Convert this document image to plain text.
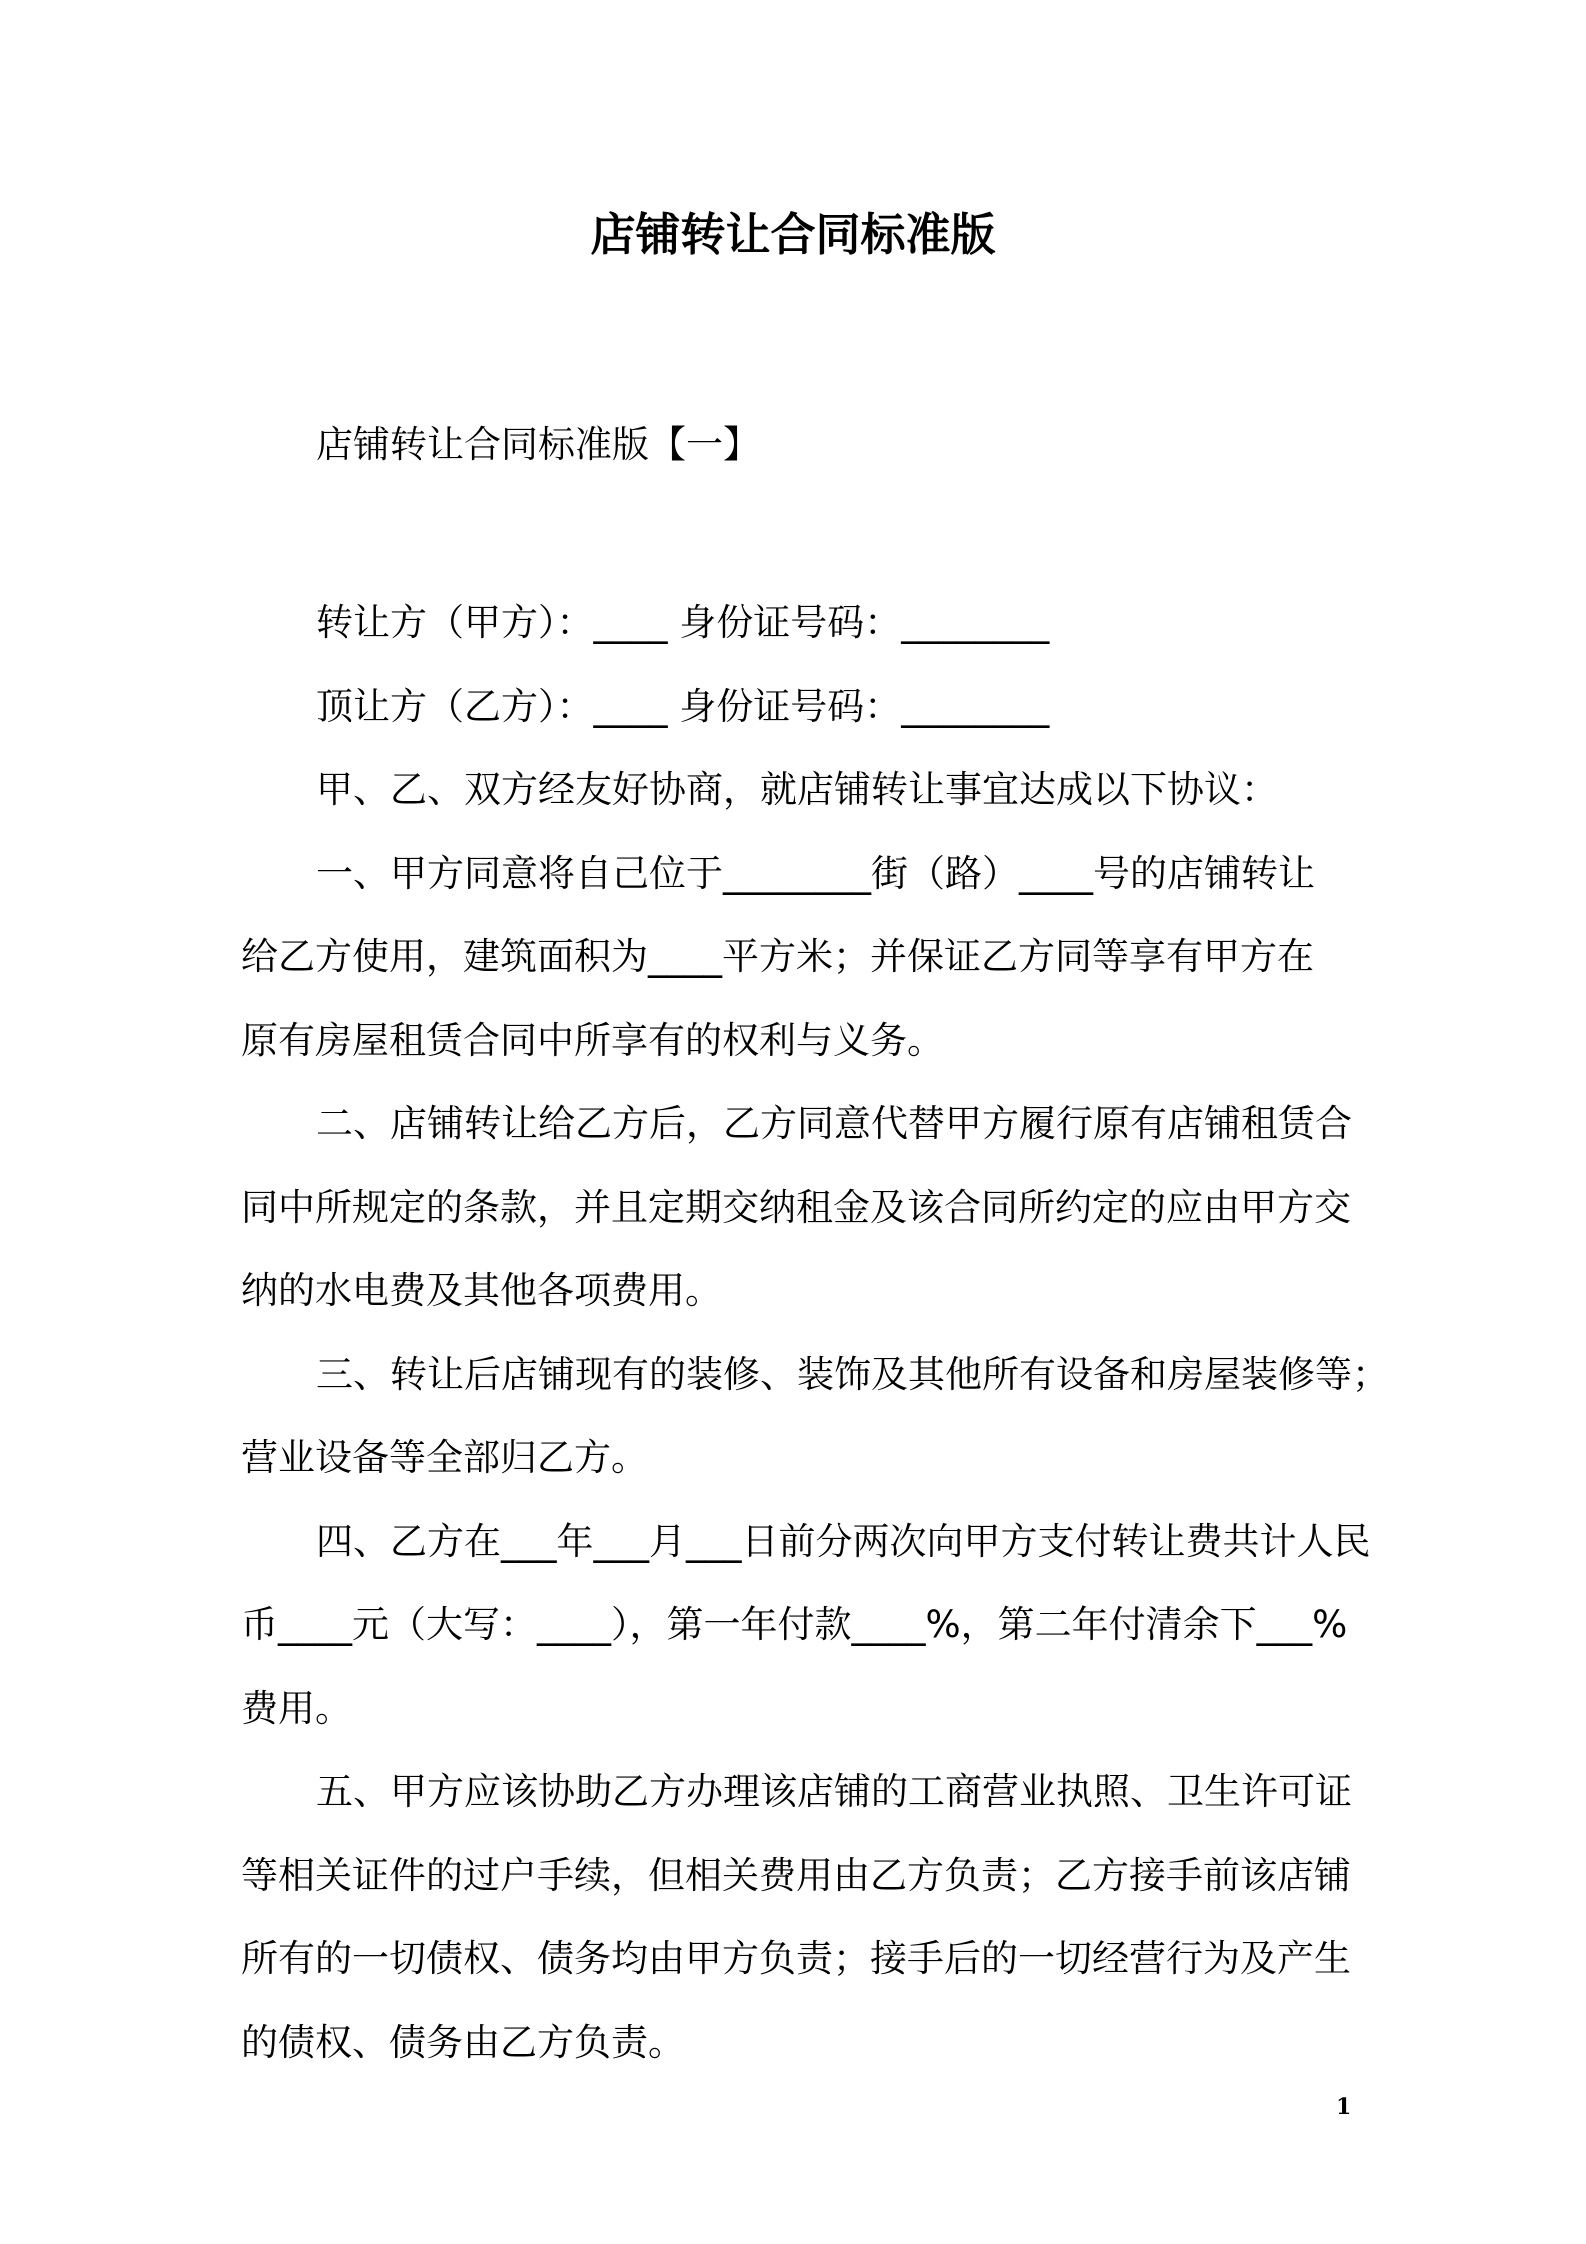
店铺转让合同标准版

店铺转让合同标准版【一】

转让方（甲方）：____ 身份证号码：________
顶让方（乙方）：____ 身份证号码：________
甲、乙、双方经友好协商，就店铺转让事宜达成以下协议：
一、甲方同意将自己位于________街（路）____号的店铺转让
给乙方使用，建筑面积为____平方米；并保证乙方同等享有甲方在
原有房屋租赁合同中所享有的权利与义务。
二、店铺转让给乙方后，乙方同意代替甲方履行原有店铺租赁合
同中所规定的条款，并且定期交纳租金及该合同所约定的应由甲方交
纳的水电费及其他各项费用。
三、转让后店铺现有的装修、装饰及其他所有设备和房屋装修等；
营业设备等全部归乙方。
四、乙方在___年___月___日前分两次向甲方支付转让费共计人民
币____元（大写：____），第一年付款____%，第二年付清余下___%
费用。
五、甲方应该协助乙方办理该店铺的工商营业执照、卫生许可证
等相关证件的过户手续，但相关费用由乙方负责；乙方接手前该店铺
所有的一切债权、债务均由甲方负责；接手后的一切经营行为及产生
的债权、债务由乙方负责。
1
